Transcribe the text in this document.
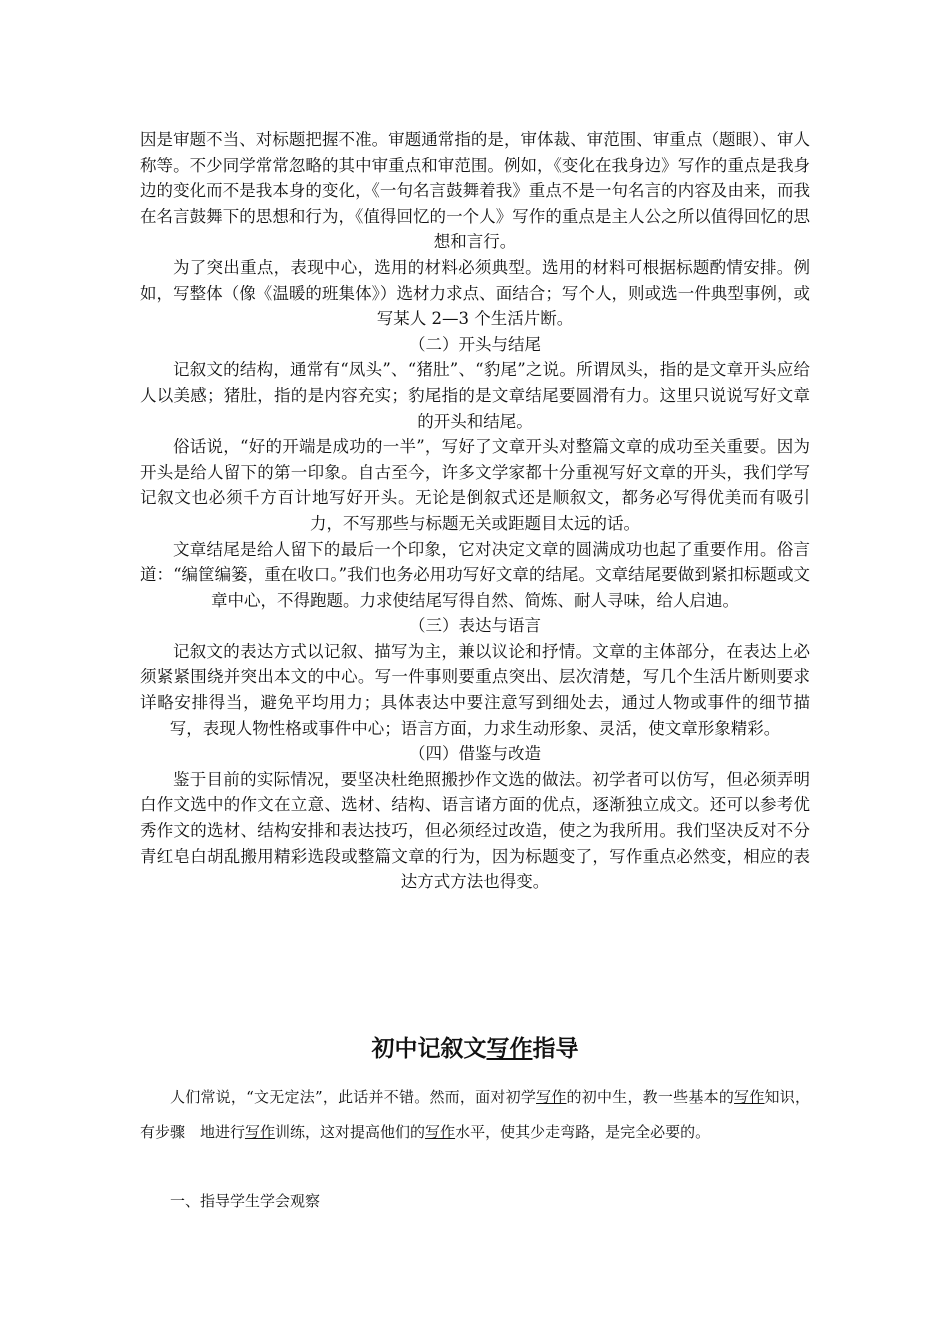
因是审题不当、对标题把握不准。审题通常指的是，审体裁、审范围、审重点（题眼）、审人称等。不少同学常常忽略的其中审重点和审范围。例如，《变化在我身边》写作的重点是我身边的变化而不是我本身的变化，《一句名言鼓舞着我》重点不是一句名言的内容及由来，而我在名言鼓舞下的思想和行为，《值得回忆的一个人》写作的重点是主人公之所以值得回忆的思想和言行。

为了突出重点，表现中心，选用的材料必须典型。选用的材料可根据标题酌情安排。例如，写整体（像《温暖的班集体》）选材力求点、面结合；写个人，则或选一件典型事例，或写某人 2—3 个生活片断。

（二）开头与结尾

记叙文的结构，通常有“凤头”、“猪肚”、“豹尾”之说。所谓凤头，指的是文章开头应给人以美感；猪肚，指的是内容充实；豹尾指的是文章结尾要圆滑有力。这里只说说写好文章的开头和结尾。

俗话说，“好的开端是成功的一半”，写好了文章开头对整篇文章的成功至关重要。因为开头是给人留下的第一印象。自古至今，许多文学家都十分重视写好文章的开头，我们学写记叙文也必须千方百计地写好开头。无论是倒叙式还是顺叙文，都务必写得优美而有吸引力，不写那些与标题无关或距题目太远的话。

文章结尾是给人留下的最后一个印象，它对决定文章的圆满成功也起了重要作用。俗言道：“编筐编篓，重在收口。”我们也务必用功写好文章的结尾。文章结尾要做到紧扣标题或文章中心，不得跑题。力求使结尾写得自然、简炼、耐人寻味，给人启迪。

（三）表达与语言

记叙文的表达方式以记叙、描写为主，兼以议论和抒情。文章的主体部分，在表达上必须紧紧围绕并突出本文的中心。写一件事则要重点突出、层次清楚，写几个生活片断则要求详略安排得当，避免平均用力；具体表达中要注意写到细处去，通过人物或事件的细节描写，表现人物性格或事件中心；语言方面，力求生动形象、灵活，使文章形象精彩。

（四）借鉴与改造

鉴于目前的实际情况，要坚决杜绝照搬抄作文选的做法。初学者可以仿写，但必须弄明白作文选中的作文在立意、选材、结构、语言诸方面的优点，逐渐独立成文。还可以参考优秀作文的选材、结构安排和表达技巧，但必须经过改造，使之为我所用。我们坚决反对不分青红皂白胡乱搬用精彩选段或整篇文章的行为，因为标题变了，写作重点必然变，相应的表达方式方法也得变。

初中记叙文写作指导

人们常说，“文无定法”，此话并不错。然而，面对初学写作的初中生，教一些基本的写作知识，有步骤　地进行写作训练，这对提高他们的写作水平，使其少走弯路，是完全必要的。

一、指导学生学会观察
